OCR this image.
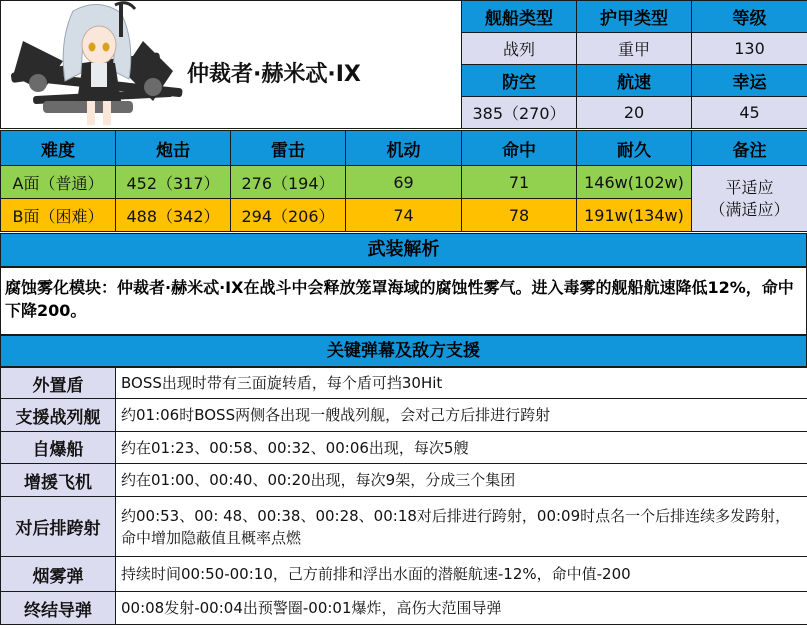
仲裁者·赫米忒·IX	舰船类型	护甲类型	等级
	战列	重甲	130
	防空	航速	幸运
	385（270）	20	45
难度	炮击	雷击	机动	命中	耐久	备注
A面（普通）	452（317）	276（194）	69	71	146w(102w)	平适应
（满适应）
B面（困难）	488（342）	294（206）	74	78	191w(134w)	
武装解析
腐蚀雾化模块：仲裁者·赫米忒·IX在战斗中会释放笼罩海域的腐蚀性雾气。进入毒雾的舰船航速降低12%，命中下降200。
关键弹幕及敌方支援
外置盾	BOSS出现时带有三面旋转盾，每个盾可挡30Hit
支援战列舰	约01:06时BOSS两侧各出现一艘战列舰，会对己方后排进行跨射
自爆船	约在01:23、00:58、00:32、00:06出现，每次5艘
增援飞机	约在01:00、00:40、00:20出现，每次9架，分成三个集团
对后排跨射	约00:53、00: 48、00:38、00:28、00:18对后排进行跨射，00:09时点名一个后排连续多发跨射，命中增加隐蔽值且概率点燃
烟雾弹	持续时间00:50-00:10，己方前排和浮出水面的潜艇航速-12%，命中值-200
终结导弹	00:08发射-00:04出预警圈-00:01爆炸，高伤大范围导弹
